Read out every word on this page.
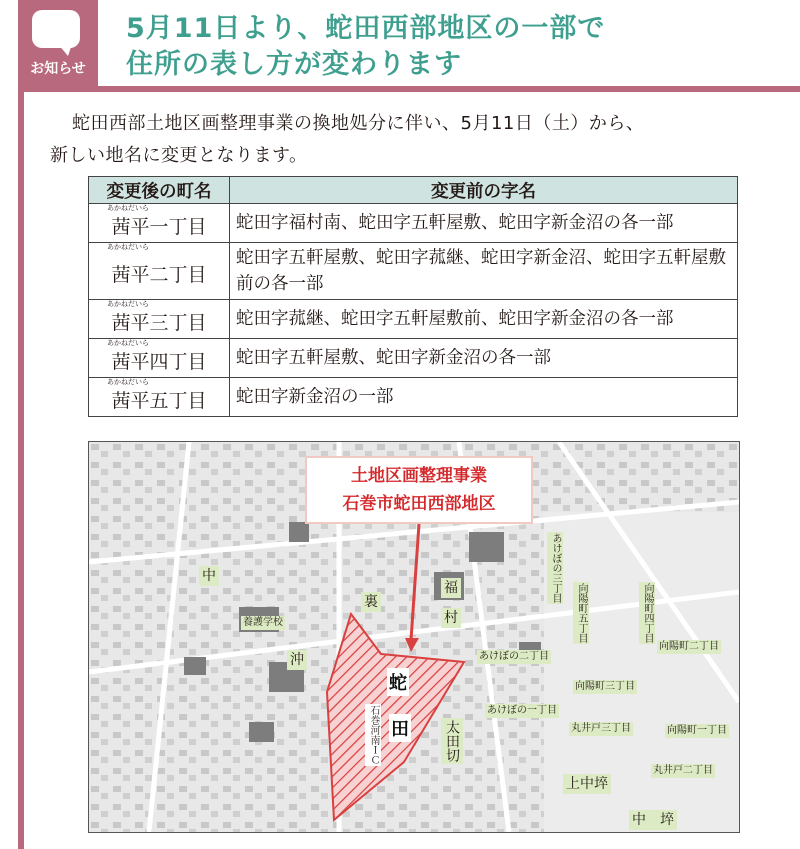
お知らせ
5月11日より、蛇田西部地区の一部で
住所の表し方が変わります

蛇田西部土地区画整理事業の換地処分に伴い、5月11日（土）から、

新しい地名に変更となります。

変更後の町名	変更前の字名

あかねだいら
茜平一丁目	蛇田字福村南、蛇田字五軒屋敷、蛇田字新金沼の各一部

あかねだいら
茜平二丁目	蛇田字五軒屋敷、蛇田字菰継、蛇田字新金沼、蛇田字五軒屋敷前の各一部

あかねだいら
茜平三丁目	蛇田字菰継、蛇田字五軒屋敷前、蛇田字新金沼の各一部

あかねだいら
茜平四丁目	蛇田字五軒屋敷、蛇田字新金沼の各一部

あかねだいら
茜平五丁目	蛇田字新金沼の一部
土地区画整理事業
石巻市蛇田西部地区
中
養護学校
沖
裏
福
村
あけぼの三丁目
向陽町五丁目	向陽町四丁目
向陽町二丁目
あけぼの二丁目
向陽町三丁目
あけぼの一丁目
丸井戸三丁目	向陽町一丁目
丸井戸二丁目
上中埣
中　埣
太田切
石巻河南ＩＣ
蛇
田
